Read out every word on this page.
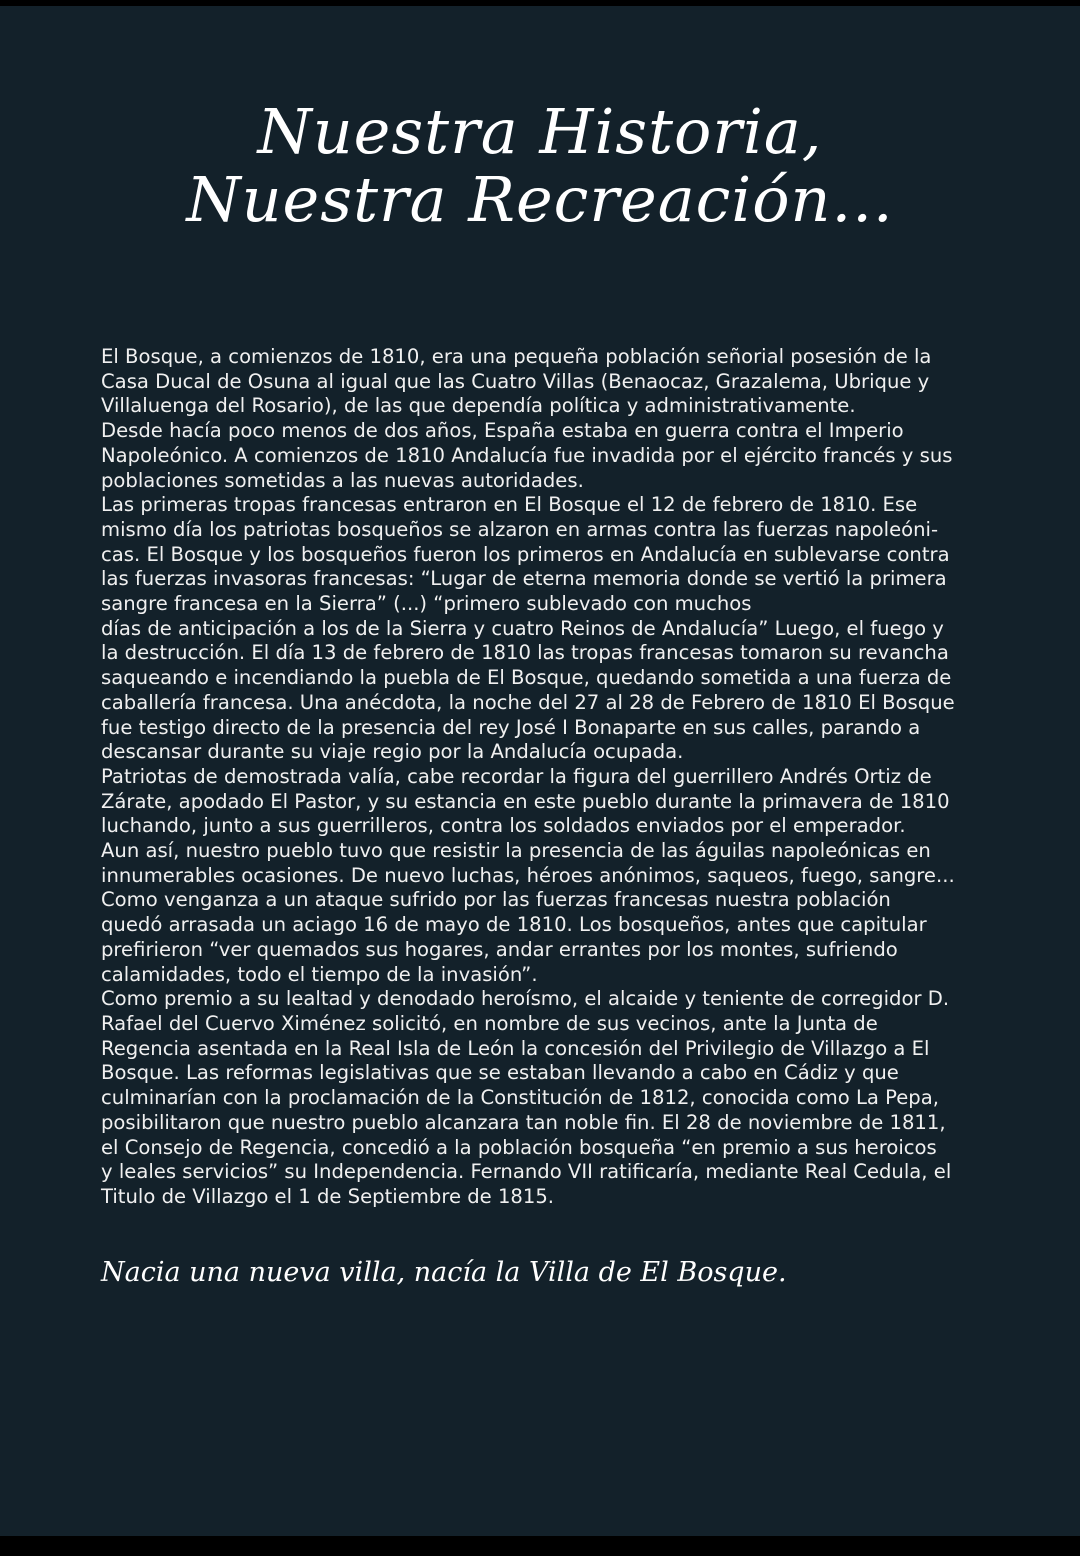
Nuestra Historia,
Nuestra Recreación...
El Bosque, a comienzos de 1810, era una pequeña población señorial posesión de la
Casa Ducal de Osuna al igual que las Cuatro Villas (Benaocaz, Grazalema, Ubrique y
Villaluenga del Rosario), de las que dependía política y administrativamente.
Desde hacía poco menos de dos años, España estaba en guerra contra el Imperio
Napoleónico. A comienzos de 1810 Andalucía fue invadida por el ejército francés y sus
poblaciones sometidas a las nuevas autoridades.
Las primeras tropas francesas entraron en El Bosque el 12 de febrero de 1810. Ese
mismo día los patriotas bosqueños se alzaron en armas contra las fuerzas napoleóni-
cas. El Bosque y los bosqueños fueron los primeros en Andalucía en sublevarse contra
las fuerzas invasoras francesas: “Lugar de eterna memoria donde se vertió la primera
sangre francesa en la Sierra” (...) “primero sublevado con muchos
días de anticipación a los de la Sierra y cuatro Reinos de Andalucía” Luego, el fuego y
la destrucción. El día 13 de febrero de 1810 las tropas francesas tomaron su revancha
saqueando e incendiando la puebla de El Bosque, quedando sometida a una fuerza de
caballería francesa. Una anécdota, la noche del 27 al 28 de Febrero de 1810 El Bosque
fue testigo directo de la presencia del rey José I Bonaparte en sus calles, parando a
descansar durante su viaje regio por la Andalucía ocupada.
Patriotas de demostrada valía, cabe recordar la figura del guerrillero Andrés Ortiz de
Zárate, apodado El Pastor, y su estancia en este pueblo durante la primavera de 1810
luchando, junto a sus guerrilleros, contra los soldados enviados por el emperador.
Aun así, nuestro pueblo tuvo que resistir la presencia de las águilas napoleónicas en
innumerables ocasiones. De nuevo luchas, héroes anónimos, saqueos, fuego, sangre...
Como venganza a un ataque sufrido por las fuerzas francesas nuestra población
quedó arrasada un aciago 16 de mayo de 1810. Los bosqueños, antes que capitular
prefirieron “ver quemados sus hogares, andar errantes por los montes, sufriendo
calamidades, todo el tiempo de la invasión”.
Como premio a su lealtad y denodado heroísmo, el alcaide y teniente de corregidor D.
Rafael del Cuervo Ximénez solicitó, en nombre de sus vecinos, ante la Junta de
Regencia asentada en la Real Isla de León la concesión del Privilegio de Villazgo a El
Bosque. Las reformas legislativas que se estaban llevando a cabo en Cádiz y que
culminarían con la proclamación de la Constitución de 1812, conocida como La Pepa,
posibilitaron que nuestro pueblo alcanzara tan noble fin. El 28 de noviembre de 1811,
el Consejo de Regencia, concedió a la población bosqueña “en premio a sus heroicos
y leales servicios” su Independencia. Fernando VII ratificaría, mediante Real Cedula, el
Titulo de Villazgo el 1 de Septiembre de 1815.
Nacia una nueva villa, nacía la Villa de El Bosque.
